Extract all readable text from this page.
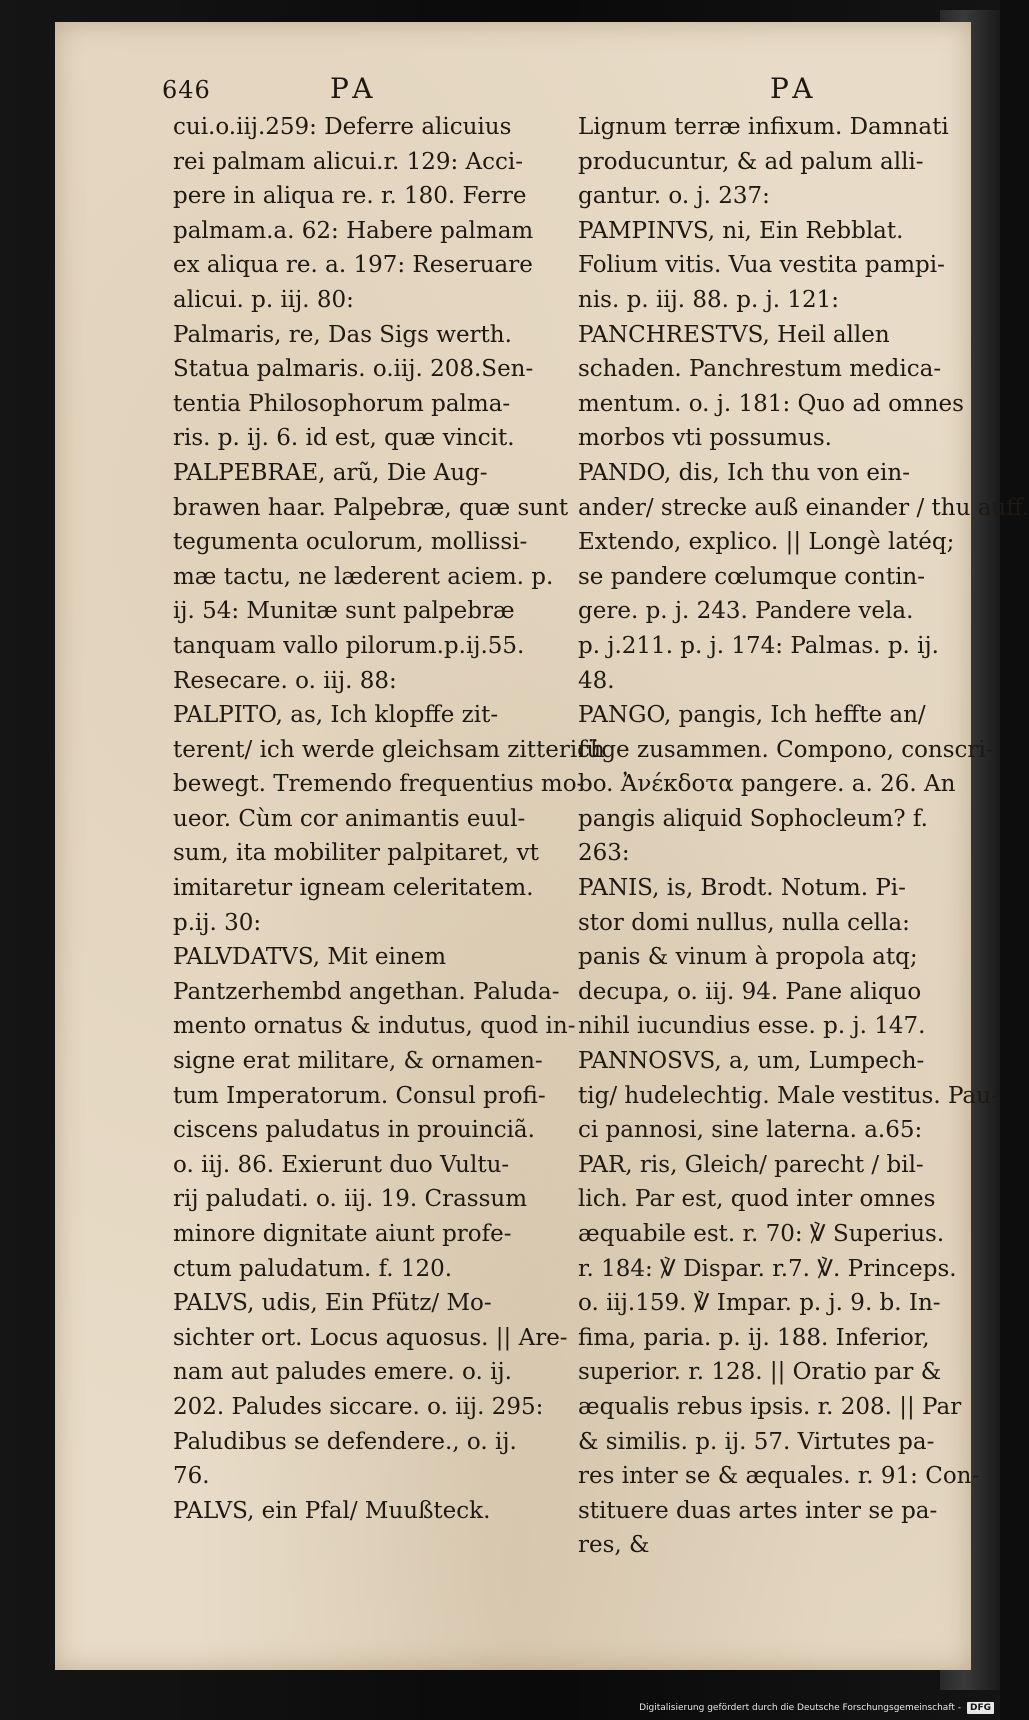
646	PA	PA
cui.o.iij.259: Deferre alicuius
rei palmam alicui.r. 129: Acci-
pere in aliqua re. r. 180. Ferre
palmam.a. 62: Habere palmam
ex aliqua re. a. 197: Reseruare
alicui. p. iij. 80:
Palmaris, re, Das Sigs werth.
Statua palmaris. o.iij. 208.Sen-
tentia Philosophorum palma-
ris. p. ij. 6. id est, quæ vincit.
PALPEBRAE, arũ, Die Aug-
brawen haar. Palpebræ, quæ sunt
tegumenta oculorum, mollissi-
mæ tactu, ne læderent aciem. p.
ij. 54: Munitæ sunt palpebræ
tanquam vallo pilorum.p.ij.55.
Resecare. o. iij. 88:
PALPITO, as, Ich klopffe zit-
terent/ ich werde gleichsam zitterich
bewegt. Tremendo frequentius mo-
ueor. Cùm cor animantis euul-
sum, ita mobiliter palpitaret, vt
imitaretur igneam celeritatem.
p.ij. 30:
PALVDATVS, Mit einem
Pantzerhembd angethan. Paluda-
mento ornatus & indutus, quod in-
signe erat militare, & ornamen-
tum Imperatorum. Consul profi-
ciscens paludatus in prouinciã.
o. iij. 86. Exierunt duo Vultu-
rij paludati. o. iij. 19. Crassum
minore dignitate aiunt profe-
ctum paludatum. f. 120.
PALVS, udis, Ein Pfütz/ Mo-
sichter ort. Locus aquosus. || Are-
nam aut paludes emere. o. ij.
202. Paludes siccare. o. iij. 295:
Paludibus se defendere., o. ij.
76.
PALVS, ein Pfal/ Muußteck.
Lignum terræ infixum. Damnati
producuntur, & ad palum alli-
gantur. o. j. 237:
PAMPINVS, ni, Ein Rebblat.
Folium vitis. Vua vestita pampi-
nis. p. iij. 88. p. j. 121:
PANCHRESTVS, Heil allen
schaden. Panchrestum medica-
mentum. o. j. 181: Quo ad omnes
morbos vti possumus.
PANDO, dis, Ich thu von ein-
ander/ strecke auß einander / thu auff.
Extendo, explico. || Longè latéq;
se pandere cœlumque contin-
gere. p. j. 243. Pandere vela.
p. j.211. p. j. 174: Palmas. p. ij.
48.
PANGO, pangis, Ich heffte an/
füge zusammen. Compono, conscri-
bo. Ἀνέκδοτα pangere. a. 26. An
pangis aliquid Sophocleum? f.
263:
PANIS, is, Brodt. Notum. Pi-
stor domi nullus, nulla cella:
panis & vinum à propola atq;
decupa, o. iij. 94. Pane aliquo
nihil iucundius esse. p. j. 147.
PANNOSVS, a, um, Lumpech-
tig/ hudelechtig. Male vestitus. Pau-
ci pannosi, sine laterna. a.65:
PAR, ris, Gleich/ parecht / bil-
lich. Par est, quod inter omnes
æquabile est. r. 70: ℣ Superius.
r. 184: ℣ Dispar. r.7. ℣. Princeps.
o. iij.159. ℣ Impar. p. j. 9. b. In-
fima, paria. p. ij. 188. Inferior,
superior. r. 128. || Oratio par &
æqualis rebus ipsis. r. 208. || Par
& similis. p. ij. 57. Virtutes pa-
res inter se & æquales. r. 91: Con-
stituere duas artes inter se pa-
res, &
Digitalisierung gefördert durch die Deutsche Forschungsgemeinschaft -	DFG
